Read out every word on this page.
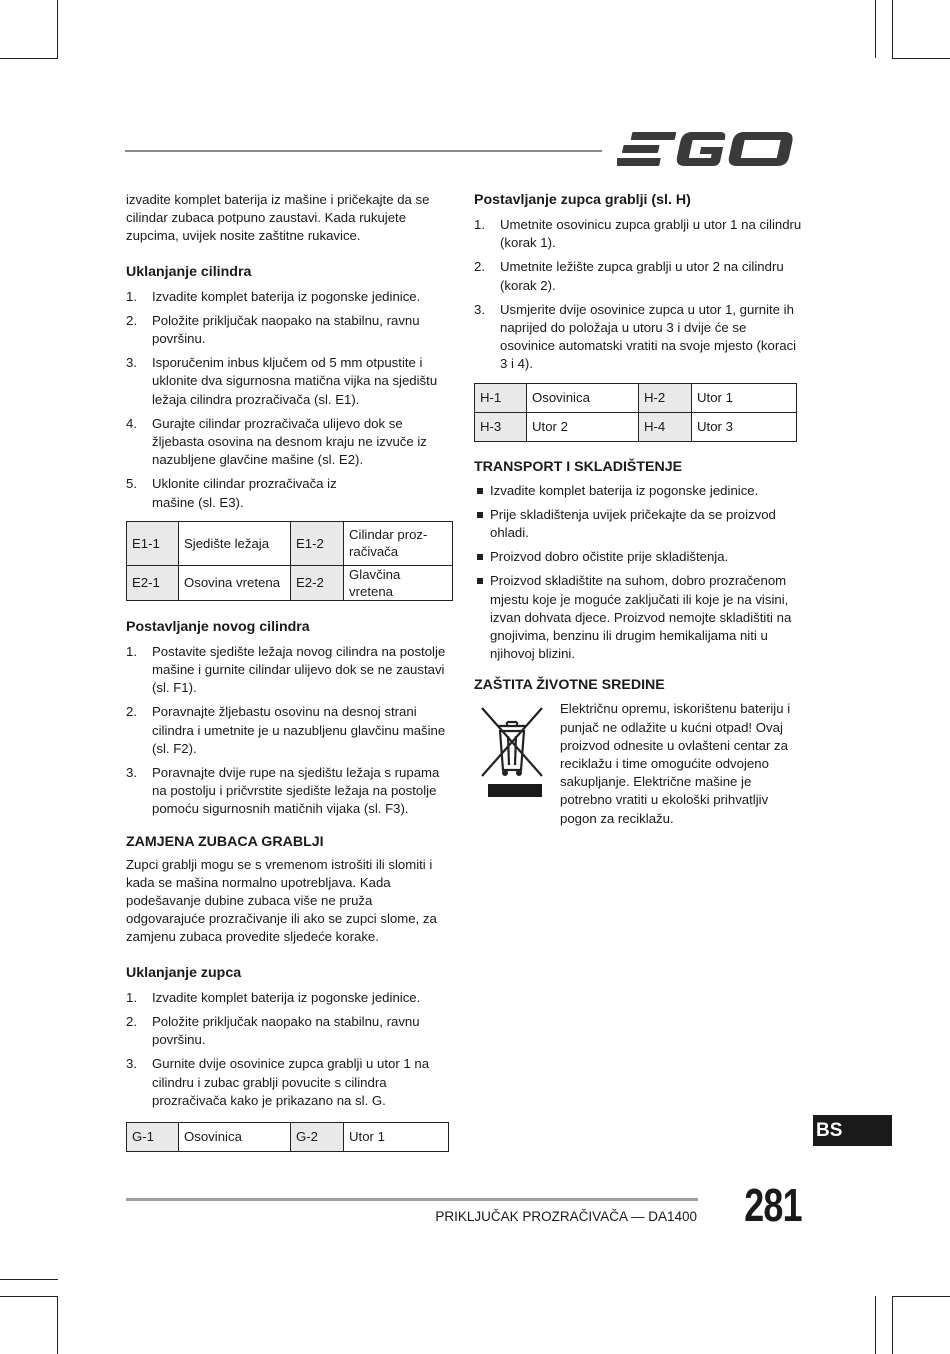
izvadite komplet baterija iz mašine i pričekajte da se cilindar zubaca potpuno zaustavi. Kada rukujete zupcima, uvijek nosite zaštitne rukavice.

Uklanjanje cilindra
1. Izvadite komplet baterija iz pogonske jedinice.
2. Položite priključak naopako na stabilnu, ravnu površinu.
3. Isporučenim inbus ključem od 5 mm otpustite i uklonite dva sigurnosna matična vijka na sjedištu ležaja cilindra prozračivača (sl. E1).
4. Gurajte cilindar prozračivača ulijevo dok se žljebasta osovina na desnom kraju ne izvuče iz nazubljene glavčine mašine (sl. E2).
5. Uklonite cilindar prozračivača iz mašine (sl. E3).
E1-1	Sjedište ležaja	E1-2	Cilindar proz-račivača
E2-1	Osovina vretena	E2-2	Glavčina vretena
Postavljanje novog cilindra
1. Postavite sjedište ležaja novog cilindra na postolje mašine i gurnite cilindar ulijevo dok se ne zaustavi (sl. F1).
2. Poravnajte žljebastu osovinu na desnoj strani cilindra i umetnite je u nazubljenu glavčinu mašine (sl. F2).
3. Poravnajte dvije rupe na sjedištu ležaja s rupama na postolju i pričvrstite sjedište ležaja na postolje pomoću sigurnosnih matičnih vijaka (sl. F3).
ZAMJENA ZUBACA GRABLJI

Zupci grablji mogu se s vremenom istrošiti ili slomiti i kada se mašina normalno upotrebljava. Kada podešavanje dubine zubaca više ne pruža odgovarajuće prozračivanje ili ako se zupci slome, za zamjenu zubaca provedite sljedeće korake.

Uklanjanje zupca
1. Izvadite komplet baterija iz pogonske jedinice.
2. Položite priključak naopako na stabilnu, ravnu površinu.
3. Gurnite dvije osovinice zupca grablji u utor 1 na cilindru i zubac grablji povucite s cilindra prozračivača kako je prikazano na sl. G.
G-1	Osovinica	G-2	Utor 1
Postavljanje zupca grablji (sl. H)
1. Umetnite osovinicu zupca grablji u utor 1 na cilindru (korak 1).
2. Umetnite ležište zupca grablji u utor 2 na cilindru (korak 2).
3. Usmjerite dvije osovinice zupca u utor 1, gurnite ih naprijed do položaja u utoru 3 i dvije će se osovinice automatski vratiti na svoje mjesto (koraci 3 i 4).
H-1	Osovinica	H-2	Utor 1
H-3	Utor 2	H-4	Utor 3
TRANSPORT I SKLADIŠTENJE
Izvadite komplet baterija iz pogonske jedinice.
Prije skladištenja uvijek pričekajte da se proizvod ohladi.
Proizvod dobro očistite prije skladištenja.
Proizvod skladištite na suhom, dobro prozračenom mjestu koje je moguće zaključati ili koje je na visini, izvan dohvata djece. Proizvod nemojte skladištiti na gnojivima, benzinu ili drugim hemikalijama niti u njihovoj blizini.
ZAŠTITA ŽIVOTNE SREDINE

Električnu opremu, iskorištenu bateriju i punjač ne odlažite u kućni otpad! Ovaj proizvod odnesite u ovlašteni centar za reciklažu i time omogućite odvojeno sakupljanje. Električne mašine je potrebno vratiti u ekološki prihvatljiv pogon za reciklažu.

BS
PRIKLJUČAK PROZRAČIVAČA — DA1400 281
